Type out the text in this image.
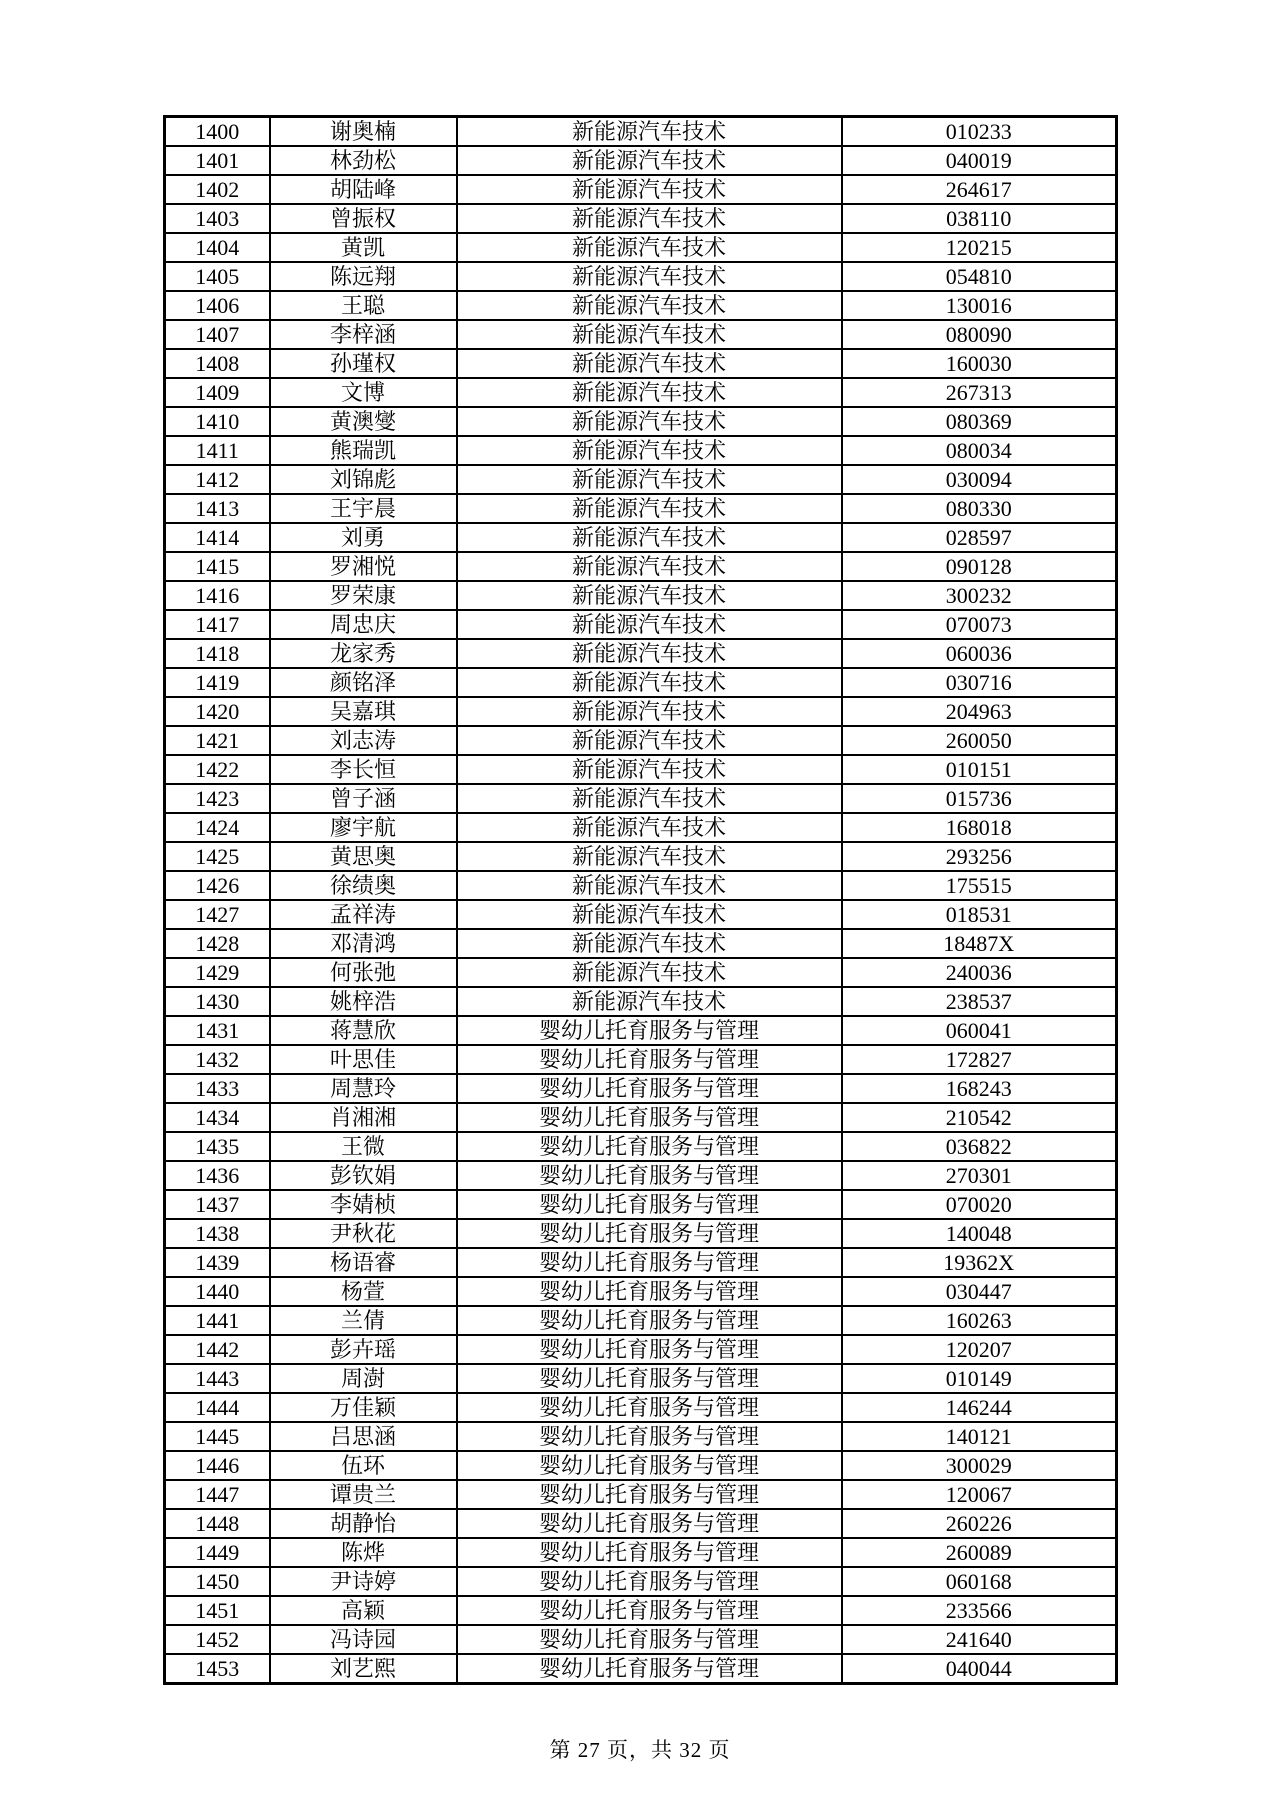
1400	谢奥楠	新能源汽车技术	010233
1401	林劲松	新能源汽车技术	040019
1402	胡陆峰	新能源汽车技术	264617
1403	曾振权	新能源汽车技术	038110
1404	黄凯	新能源汽车技术	120215
1405	陈远翔	新能源汽车技术	054810
1406	王聪	新能源汽车技术	130016
1407	李梓涵	新能源汽车技术	080090
1408	孙瑾权	新能源汽车技术	160030
1409	文博	新能源汽车技术	267313
1410	黄澳燮	新能源汽车技术	080369
1411	熊瑞凯	新能源汽车技术	080034
1412	刘锦彪	新能源汽车技术	030094
1413	王宇晨	新能源汽车技术	080330
1414	刘勇	新能源汽车技术	028597
1415	罗湘悦	新能源汽车技术	090128
1416	罗荣康	新能源汽车技术	300232
1417	周忠庆	新能源汽车技术	070073
1418	龙家秀	新能源汽车技术	060036
1419	颜铭泽	新能源汽车技术	030716
1420	吴嘉琪	新能源汽车技术	204963
1421	刘志涛	新能源汽车技术	260050
1422	李长恒	新能源汽车技术	010151
1423	曾子涵	新能源汽车技术	015736
1424	廖宇航	新能源汽车技术	168018
1425	黄思奥	新能源汽车技术	293256
1426	徐绩奥	新能源汽车技术	175515
1427	孟祥涛	新能源汽车技术	018531
1428	邓清鸿	新能源汽车技术	18487X
1429	何张弛	新能源汽车技术	240036
1430	姚梓浩	新能源汽车技术	238537
1431	蒋慧欣	婴幼儿托育服务与管理	060041
1432	叶思佳	婴幼儿托育服务与管理	172827
1433	周慧玲	婴幼儿托育服务与管理	168243
1434	肖湘湘	婴幼儿托育服务与管理	210542
1435	王微	婴幼儿托育服务与管理	036822
1436	彭钦娟	婴幼儿托育服务与管理	270301
1437	李婧桢	婴幼儿托育服务与管理	070020
1438	尹秋花	婴幼儿托育服务与管理	140048
1439	杨语睿	婴幼儿托育服务与管理	19362X
1440	杨萱	婴幼儿托育服务与管理	030447
1441	兰倩	婴幼儿托育服务与管理	160263
1442	彭卉瑶	婴幼儿托育服务与管理	120207
1443	周澍	婴幼儿托育服务与管理	010149
1444	万佳颖	婴幼儿托育服务与管理	146244
1445	吕思涵	婴幼儿托育服务与管理	140121
1446	伍环	婴幼儿托育服务与管理	300029
1447	谭贵兰	婴幼儿托育服务与管理	120067
1448	胡静怡	婴幼儿托育服务与管理	260226
1449	陈烨	婴幼儿托育服务与管理	260089
1450	尹诗婷	婴幼儿托育服务与管理	060168
1451	高颖	婴幼儿托育服务与管理	233566
1452	冯诗园	婴幼儿托育服务与管理	241640
1453	刘艺熙	婴幼儿托育服务与管理	040044
第 27 页，共 32 页
